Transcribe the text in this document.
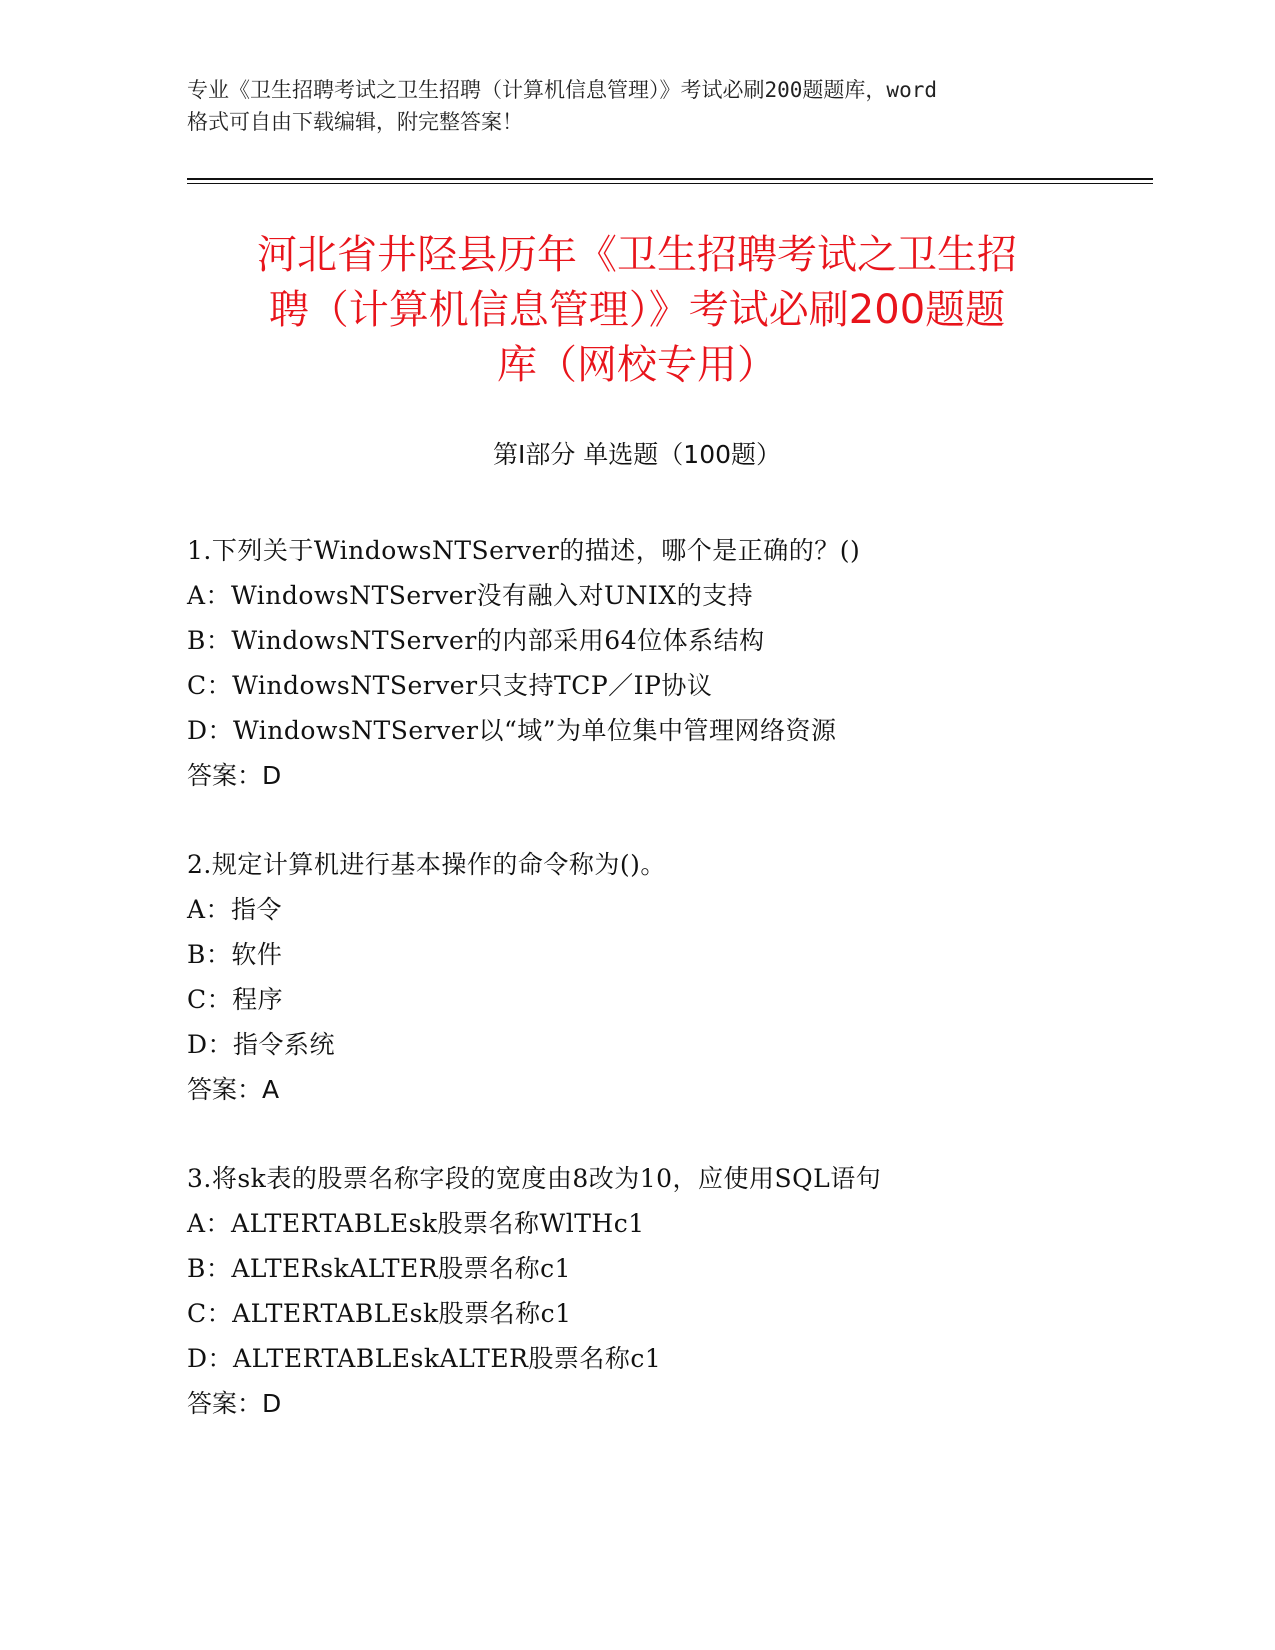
专业《卫生招聘考试之卫生招聘（计算机信息管理）》考试必刷200题题库，word
格式可自由下载编辑，附完整答案！
河北省井陉县历年《卫生招聘考试之卫生招
聘（计算机信息管理）》考试必刷200题题
库（网校专用）
第Ⅰ部分 单选题（100题）
1.下列关于WindowsNTServer的描述，哪个是正确的？()
A：WindowsNTServer没有融入对UNIX的支持
B：WindowsNTServer的内部采用64位体系结构
C：WindowsNTServer只支持TCP／IP协议
D：WindowsNTServer以“域”为单位集中管理网络资源
答案：D
2.规定计算机进行基本操作的命令称为()。
A：指令
B：软件
C：程序
D：指令系统
答案：A
3.将sk表的股票名称字段的宽度由8改为10，应使用SQL语句
A：ALTERTABLEsk股票名称WlTHc1
B：ALTERskALTER股票名称c1
C：ALTERTABLEsk股票名称c1
D：ALTERTABLEskALTER股票名称c1
答案：D
